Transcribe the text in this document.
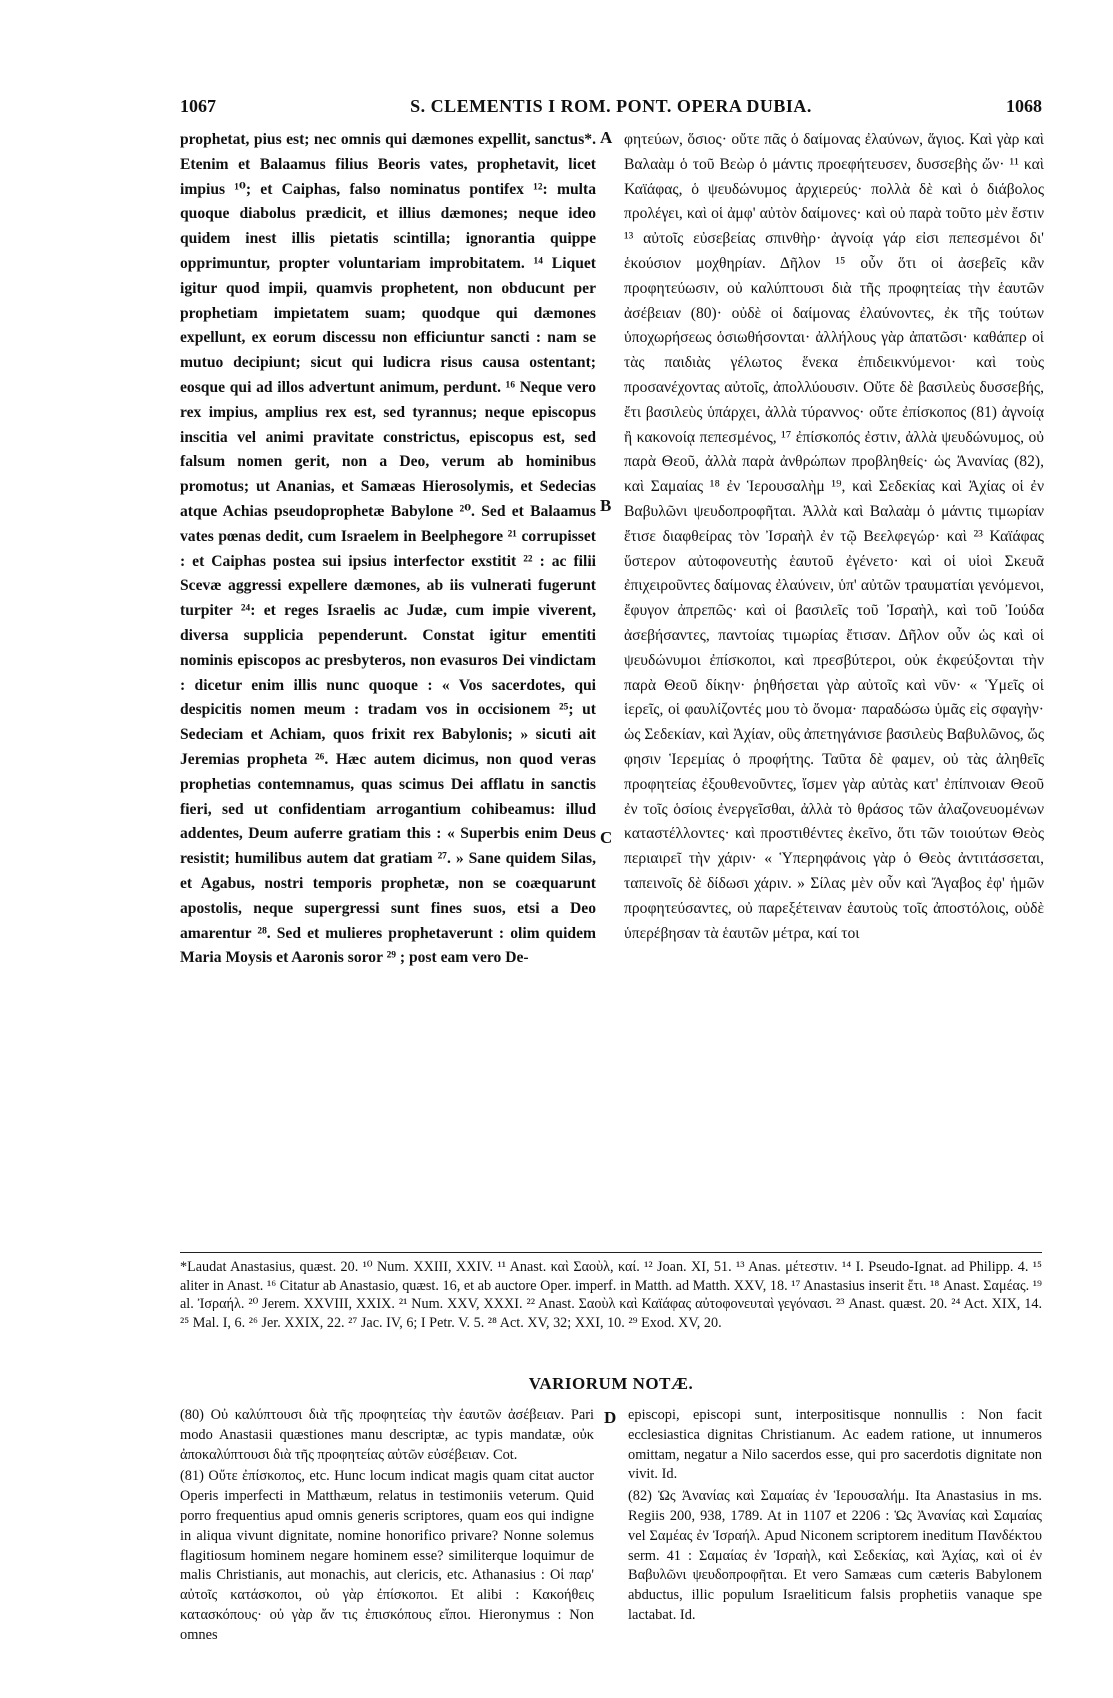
1067	S. CLEMENTIS I ROM. PONT. OPERA DUBIA.	1068
prophetat, pius est; nec omnis qui dæmones expellit, sanctus*. Etenim et Balaamus filius Beoris vates, prophetavit, licet impius ¹⁰; et Caiphas, falso nominatus pontifex ¹²: multa quoque diabolus prædicit, et illius dæmones; neque ideo quidem inest illis pietatis scintilla; ignorantia quippe opprimuntur, propter voluntariam improbitatem. ¹⁴ Liquet igitur quod impii, quamvis prophetent, non obducunt per prophetiam impietatem suam; quodque qui dæmones expellunt, ex eorum discessu non efficiuntur sancti : nam se mutuo decipiunt; sicut qui ludicra risus causa ostentant; eosque qui ad illos advertunt animum, perdunt. ¹⁶ Neque vero rex impius, amplius rex est, sed tyrannus; neque episcopus inscitia vel animi pravitate constrictus, episcopus est, sed falsum nomen gerit, non a Deo, verum ab hominibus promotus; ut Ananias, et Samæas Hierosolymis, et Sedecias atque Achias pseudoprophetæ Babylone ²⁰. Sed et Balaamus vates pœnas dedit, cum Israelem in Beelphegore ²¹ corrupisset : et Caiphas postea sui ipsius interfector exstitit ²² : ac filii Scevæ aggressi expellere dæmones, ab iis vulnerati fugerunt turpiter ²⁴: et reges Israelis ac Judæ, cum impie viverent, diversa supplicia pependerunt. Constat igitur ementiti nominis episcopos ac presbyteros, non evasuros Dei vindictam : dicetur enim illis nunc quoque : « Vos sacerdotes, qui despicitis nomen meum : tradam vos in occisionem ²⁵; ut Sedeciam et Achiam, quos frixit rex Babylonis; » sicuti ait Jeremias propheta ²⁶. Hæc autem dicimus, non quod veras prophetias contemnamus, quas scimus Dei afflatu in sanctis fieri, sed ut confidentiam arrogantium cohibeamus: illud addentes, Deum auferre gratiam this : « Superbis enim Deus resistit; humilibus autem dat gratiam ²⁷. » Sane quidem Silas, et Agabus, nostri temporis prophetæ, non se coæquarunt apostolis, neque supergressi sunt fines suos, etsi a Deo amarentur ²⁸. Sed et mulieres prophetaverunt : olim quidem Maria Moysis et Aaronis soror ²⁹ ; post eam vero De-
A
B
C
D
φητεύων, ὅσιος· οὔτε πᾶς ὁ δαίμονας ἐλαύνων, ἅγιος. Καὶ γὰρ καὶ Βαλαὰμ ὁ τοῦ Βεὼρ ὁ μάντις προεφήτευσεν, δυσσεβὴς ὤν· ¹¹ καὶ Καϊάφας, ὁ ψευδώνυμος ἀρχιερεύς· πολλὰ δὲ καὶ ὁ διάβολος προλέγει, καὶ οἱ ἀμφ' αὐτὸν δαίμονες· καὶ οὐ παρὰ τοῦτο μὲν ἔστιν ¹³ αὐτοῖς εὐσεβείας σπινθὴρ· ἀγνοίᾳ γάρ εἰσι πεπεσμένοι δι' ἑκούσιον μοχθηρίαν. Δῆλον ¹⁵ οὖν ὅτι οἱ ἀσεβεῖς κἂν προφητεύωσιν, οὐ καλύπτουσι διὰ τῆς προφητείας τὴν ἑαυτῶν ἀσέβειαν (80)· οὐδὲ οἱ δαίμονας ἐλαύνοντες, ἐκ τῆς τούτων ὑποχωρήσεως ὁσιωθήσονται· ἀλλήλους γὰρ ἀπατῶσι· καθάπερ οἱ τὰς παιδιὰς γέλωτος ἕνεκα ἐπιδεικνύμενοι· καὶ τοὺς προσανέχοντας αὐτοῖς, ἀπολλύουσιν. Οὔτε δὲ βασιλεὺς δυσσεβής, ἔτι βασιλεὺς ὑπάρχει, ἀλλὰ τύραννος· οὔτε ἐπίσκοπος (81) ἀγνοίᾳ ἢ κακονοίᾳ πεπεσμένος, ¹⁷ ἐπίσκοπός ἐστιν, ἀλλὰ ψευδώνυμος, οὐ παρὰ Θεοῦ, ἀλλὰ παρὰ ἀνθρώπων προβληθείς· ὡς Ἀνανίας (82), καὶ Σαμαίας ¹⁸ ἐν Ἱερουσαλὴμ ¹⁹, καὶ Σεδεκίας καὶ Ἀχίας οἱ ἐν Βαβυλῶνι ψευδοπροφῆται. Ἀλλὰ καὶ Βαλαὰμ ὁ μάντις τιμωρίαν ἔτισε διαφθείρας τὸν Ἰσραὴλ ἐν τῷ Βεελφεγώρ· καὶ ²³ Καϊάφας ὕστερον αὐτοφονευτὴς ἑαυτοῦ ἐγένετο· καὶ οἱ υἱοὶ Σκευᾶ ἐπιχειροῦντες δαίμονας ἐλαύνειν, ὑπ' αὐτῶν τραυματίαι γενόμενοι, ἔφυγον ἀπρεπῶς· καὶ οἱ βασιλεῖς τοῦ Ἰσραὴλ, καὶ τοῦ Ἰούδα ἀσεβήσαντες, παντοίας τιμωρίας ἔτισαν. Δῆλον οὖν ὡς καὶ οἱ ψευδώνυμοι ἐπίσκοποι, καὶ πρεσβύτεροι, οὐκ ἐκφεύξονται τὴν παρὰ Θεοῦ δίκην· ῥηθήσεται γὰρ αὐτοῖς καὶ νῦν· « Ὑμεῖς οἱ ἱερεῖς, οἱ φαυλίζοντές μου τὸ ὄνομα· παραδώσω ὑμᾶς εἰς σφαγὴν· ὡς Σεδεκίαν, καὶ Ἀχίαν, οὓς ἀπετηγάνισε βασιλεὺς Βαβυλῶνος, ὥς φησιν Ἱερεμίας ὁ προφήτης. Ταῦτα δὲ φαμεν, οὐ τὰς ἀληθεῖς προφητείας ἐξουθενοῦντες, ἴσμεν γὰρ αὐτὰς κατ' ἐπίπνοιαν Θεοῦ ἐν τοῖς ὁσίοις ἐνεργεῖσθαι, ἀλλὰ τὸ θράσος τῶν ἀλαζονευομένων καταστέλλοντες· καὶ προστιθέντες ἐκεῖνο, ὅτι τῶν τοιούτων Θεὸς περιαιρεῖ τὴν χάριν· « Ὑπερηφάνοις γὰρ ὁ Θεὸς ἀντιτάσσεται, ταπεινοῖς δὲ δίδωσι χάριν. » Σίλας μὲν οὖν καὶ Ἄγαβος ἐφ' ἡμῶν προφητεύσαντες, οὐ παρεξέτειναν ἑαυτοὺς τοῖς ἀποστόλοις, οὐδὲ ὑπερέβησαν τὰ ἑαυτῶν μέτρα, καί τοι
*Laudat Anastasius, quæst. 20. ¹⁰ Num. XXIII, XXIV. ¹¹ Anast. καὶ Σαοὺλ, καί. ¹² Joan. XI, 51. ¹³ Anas. μέτεστιν. ¹⁴ I. Pseudo-Ignat. ad Philipp. 4. ¹⁵ aliter in Anast. ¹⁶ Citatur ab Anastasio, quæst. 16, et ab auctore Oper. imperf. in Matth. ad Matth. XXV, 18. ¹⁷ Anastasius inserit ἔτι. ¹⁸ Anast. Σαμέας. ¹⁹ al. Ἰσραήλ. ²⁰ Jerem. XXVIII, XXIX. ²¹ Num. XXV, XXXI. ²² Anast. Σαοὺλ καὶ Καϊάφας αὐτοφονευταὶ γεγόνασι. ²³ Anast. quæst. 20. ²⁴ Act. XIX, 14. ²⁵ Mal. I, 6. ²⁶ Jer. XXIX, 22. ²⁷ Jac. IV, 6; I Petr. V. 5. ²⁸ Act. XV, 32; XXI, 10. ²⁹ Exod. XV, 20.
VARIORUM NOTÆ.

(80) Οὐ καλύπτουσι διὰ τῆς προφητείας τὴν ἑαυτῶν ἀσέβειαν. Pari modo Anastasii quæstiones manu descriptæ, ac typis mandatæ, οὐκ ἀποκαλύπτουσι διὰ τῆς προφητείας αὐτῶν εὐσέβειαν. Cot.

(81) Οὔτε ἐπίσκοπος, etc. Hunc locum indicat magis quam citat auctor Operis imperfecti in Matthæum, relatus in testimoniis veterum. Quid porro frequentius apud omnis generis scriptores, quam eos qui indigne in aliqua vivunt dignitate, nomine honorifico privare? Nonne solemus flagitiosum hominem negare hominem esse? similiterque loquimur de malis Christianis, aut monachis, aut clericis, etc. Athanasius : Οἱ παρ' αὐτοῖς κατάσκοποι, οὐ γὰρ ἐπίσκοποι. Et alibi : Κακοήθεις κατασκόπους· οὐ γὰρ ἄν τις ἐπισκόπους εἴποι. Hieronymus : Non omnes

episcopi, episcopi sunt, interpositisque nonnullis : Non facit ecclesiasticа dignitas Christianum. Ac eadem ratione, ut innumeros omittam, negatur a Nilo sacerdos esse, qui pro sacerdotis dignitate non vivit. Id.

(82) Ὡς Ἀνανίας καὶ Σαμαίας ἐν Ἱερουσαλήμ. Ita Anastasius in ms. Regiis 200, 938, 1789. At in 1107 et 2206 : Ὡς Ἀνανίας καὶ Σαμαίας vel Σαμέας ἐν Ἰσραήλ. Apud Niconem scriptorem ineditum Πανδέκτου serm. 41 : Σαμαίας ἐν Ἰσραὴλ, καὶ Σεδεκίας, καὶ Ἀχίας, καὶ οἱ ἐν Βαβυλῶνι ψευδοπροφῆται. Et vero Samæas cum cæteris Babylonem abductus, illic populum Israeliticum falsis prophetiis vanaque spe lactabat. Id.
